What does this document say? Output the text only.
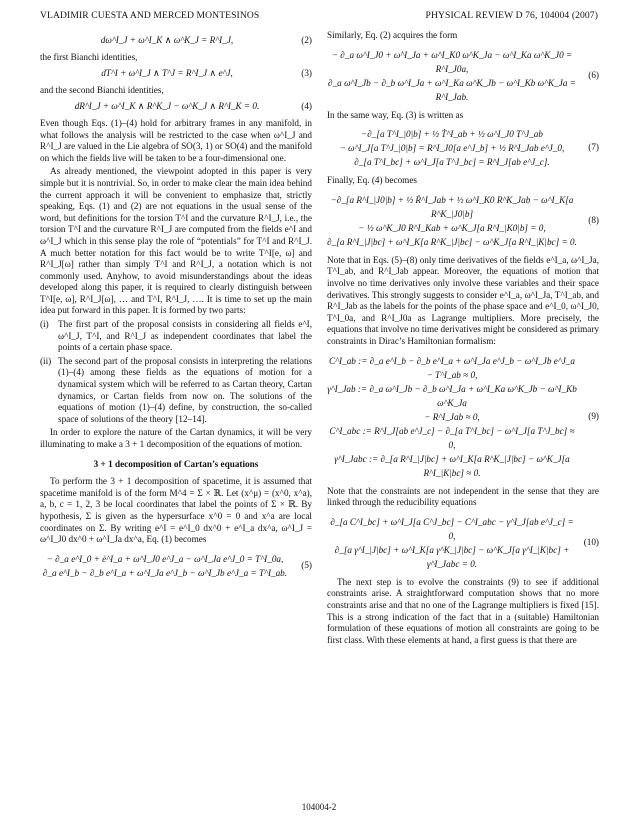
VLADIMIR CUESTA AND MERCED MONTESINOS	PHYSICAL REVIEW D 76, 104004 (2007)
dω^I_J + ω^I_K ∧ ω^K_J = R^I_J,	(2)

the first Bianchi identities,

dT^I + ω^I_J ∧ T^J = R^I_J ∧ e^J,	(3)

and the second Bianchi identities,

dR^I_J + ω^I_K ∧ R^K_J − ω^K_J ∧ R^I_K = 0.	(4)

Even though Eqs. (1)–(4) hold for arbitrary frames in any manifold, in what follows the analysis will be restricted to the case when ω^I_J and R^I_J are valued in the Lie algebra of SO(3, 1) or SO(4) and the manifold on which the fields live will be taken to be a four-dimensional one.

As already mentioned, the viewpoint adopted in this paper is very simple but it is nontrivial. So, in order to make clear the main idea behind the current approach it will be convenient to emphasize that, strictly speaking, Eqs. (1) and (2) are not equations in the usual sense of the word, but definitions for the torsion T^I and the curvature R^I_J, i.e., the torsion T^I and the curvature R^I_J are computed from the fields e^I and ω^I_J which in this sense play the role of “potentials” for T^I and R^I_J. A much better notation for this fact would be to write T^I[e, ω] and R^I_J[ω] rather than simply T^I and R^I_J, a notation which is not commonly used. Anyhow, to avoid misunderstandings about the ideas developed along this paper, it is required to clearly distinguish between T^I[e, ω], R^I_J[ω], … and T^I, R^I_J, …. It is time to set up the main idea put forward in this paper. It is formed by two parts:

(i) The first part of the proposal consists in considering all fields e^I, ω^I_J, T^I, and R^I_J as independent coordinates that label the points of a certain phase space.
(ii) The second part of the proposal consists in interpreting the relations (1)–(4) among these fields as the equations of motion for a dynamical system which will be referred to as Cartan theory, Cartan dynamics, or Cartan fields from now on. The solutions of the equations of motion (1)–(4) define, by construction, the so-called space of solutions of the theory [12–14].

In order to explore the nature of the Cartan dynamics, it will be very illuminating to make a 3 + 1 decomposition of the equations of motion.

3 + 1 decomposition of Cartan’s equations

To perform the 3 + 1 decomposition of spacetime, it is assumed that spacetime manifold is of the form M^4 = Σ × ℝ. Let (x^μ) = (x^0, x^a), a, b, c = 1, 2, 3 be local coordinates that label the points of Σ × ℝ. By hypothesis, Σ is given as the hypersurface x^0 = 0 and x^a are local coordinates on Σ. By writing e^I = e^I_0 dx^0 + e^I_a dx^a, ω^I_J = ω^I_J0 dx^0 + ω^I_Ja dx^a, Eq. (1) becomes

− ∂_a e^I_0 + ė^I_a + ω^I_J0 e^J_a − ω^I_Ja e^J_0 = T^I_0a,
∂_a e^I_b − ∂_b e^I_a + ω^I_Ja e^J_b − ω^I_Jb e^J_a = T^I_ab.
(5)

Similarly, Eq. (2) acquires the form

− ∂_a ω^I_J0 + ω̇^I_Ja + ω^I_K0 ω^K_Ja − ω^I_Ka ω^K_J0 = R^I_J0a,
∂_a ω^I_Jb − ∂_b ω^I_Ja + ω^I_Ka ω^K_Jb − ω^I_Kb ω^K_Ja = R^I_Jab.
(6)

In the same way, Eq. (3) is written as

−∂_[a T^I_|0|b] + ½ Ṫ^I_ab + ½ ω^I_J0 T^J_ab
− ω^I_J[a T^J_|0|b] = R^I_J0[a e^J_b] + ½ R^I_Jab e^J_0,
∂_[a T^I_bc] + ω^I_J[a T^J_bc] = R^I_J[ab e^J_c].
(7)

Finally, Eq. (4) becomes

−∂_[a R^I_|J0|b] + ½ Ṙ^I_Jab + ½ ω^I_K0 R^K_Jab − ω^I_K[a R^K_|J0|b]
− ½ ω^K_J0 R^I_Kab + ω^K_J[a R^I_|K0|b] = 0,
∂_[a R^I_|J|bc] + ω^I_K[a R^K_|J|bc] − ω^K_J[a R^I_|K|bc] = 0.
(8)

Note that in Eqs. (5)–(8) only time derivatives of the fields e^I_a, ω^I_Ja, T^I_ab, and R^I_Jab appear. Moreover, the equations of motion that involve no time derivatives only involve these variables and their space derivatives. This strongly suggests to consider e^I_a, ω^I_Ja, T^I_ab, and R^I_Jab as the labels for the points of the phase space and e^I_0, ω^I_J0, T^I_0a, and R^I_J0a as Lagrange multipliers. More precisely, the equations that involve no time derivatives might be considered as primary constraints in Dirac’s Hamiltonian formalism:

C^I_ab := ∂_a e^I_b − ∂_b e^I_a + ω^I_Ja e^J_b − ω^I_Jb e^J_a − T^I_ab ≈ 0,
γ^I_Jab := ∂_a ω^I_Jb − ∂_b ω^I_Ja + ω^I_Ka ω^K_Jb − ω^I_Kb ω^K_Ja
− R^I_Jab ≈ 0,
C^I_abc := R^I_J[ab e^J_c] − ∂_[a T^I_bc] − ω^I_J[a T^J_bc] ≈ 0,
γ^I_Jabc := ∂_[a R^I_|J|bc] + ω^I_K[a R^K_|J|bc] − ω^K_J[a R^I_|K|bc] ≈ 0.
(9)

Note that the constraints are not independent in the sense that they are linked through the reducibility equations

∂_[a C^I_bc] + ω^I_J[a C^J_bc] − C^I_abc − γ^I_J[ab e^J_c] = 0,
∂_[a γ^I_|J|bc] + ω^I_K[a γ^K_|J|bc] − ω^K_J[a γ^I_|K|bc] + γ^I_Jabc = 0.
(10)

The next step is to evolve the constraints (9) to see if additional constraints arise. A straightforward computation shows that no more constraints arise and that no one of the Lagrange multipliers is fixed [15]. This is a strong indication of the fact that in a (suitable) Hamiltonian formulation of these equations of motion all constraints are going to be first class. With these elements at hand, a first guess is that there are

104004-2
